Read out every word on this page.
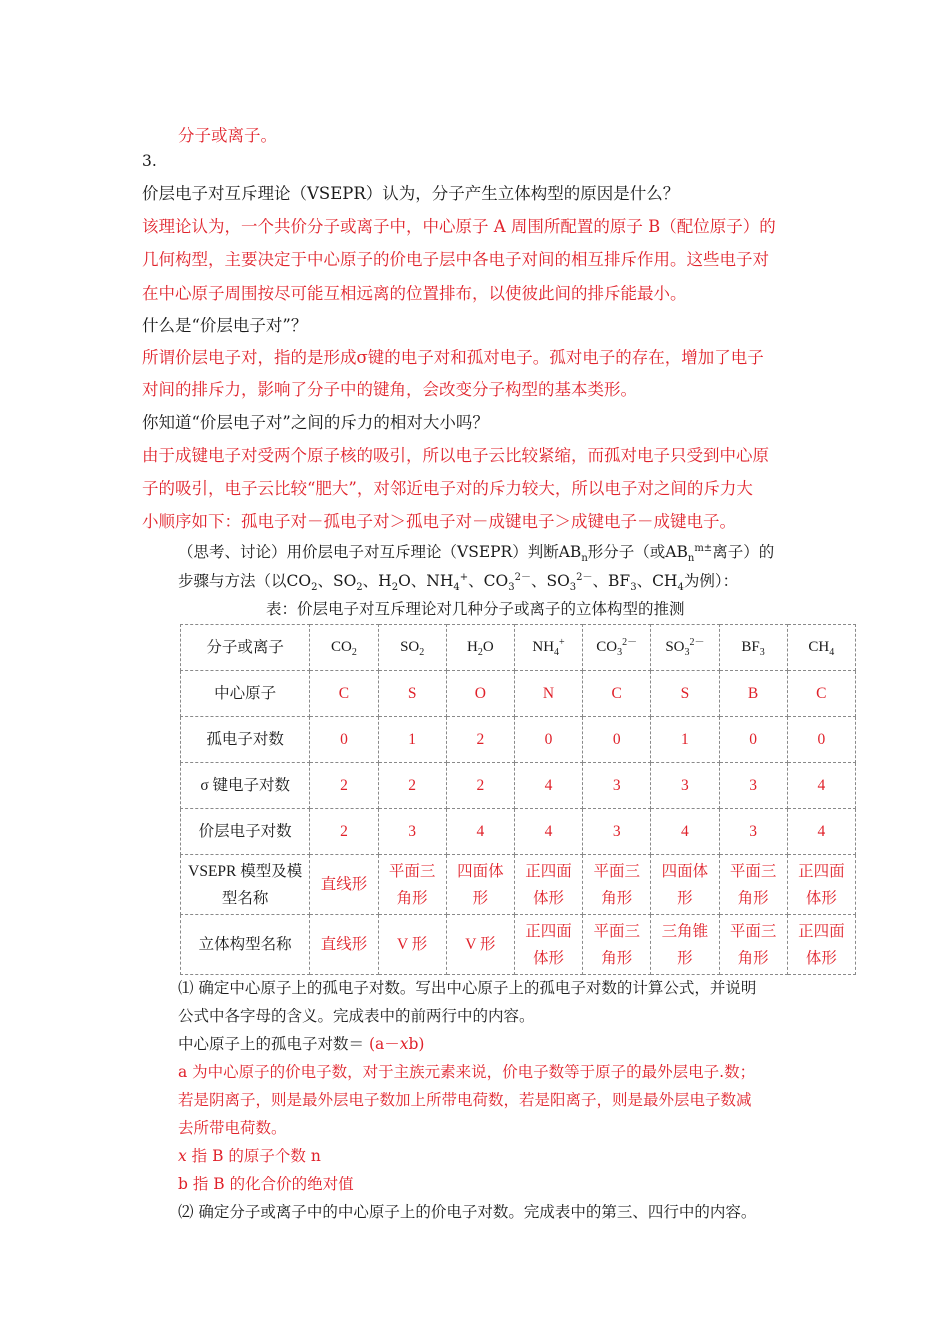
分子或离子。
3.
价层电子对互斥理论（VSEPR）认为，分子产生立体构型的原因是什么？
该理论认为，一个共价分子或离子中，中心原子 A 周围所配置的原子 B（配位原子）的
几何构型，主要决定于中心原子的价电子层中各电子对间的相互排斥作用。这些电子对
在中心原子周围按尽可能互相远离的位置排布，以使彼此间的排斥能最小。
什么是“价层电子对”？
所谓价层电子对，指的是形成σ键的电子对和孤对电子。孤对电子的存在，增加了电子
对间的排斥力，影响了分子中的键角，会改变分子构型的基本类形。
你知道“价层电子对”之间的斥力的相对大小吗？
由于成键电子对受两个原子核的吸引，所以电子云比较紧缩，而孤对电子只受到中心原
子的吸引，电子云比较“肥大”，对邻近电子对的斥力较大，所以电子对之间的斥力大
小顺序如下：孤电子对－孤电子对＞孤电子对－成键电子＞成键电子－成键电子。
（思考、讨论）用价层电子对互斥理论（VSEPR）判断$AB_n$形分子（或$AB_n^{m\pm}$离子）的
步骤与方法（以$CO_2$、$SO_2$、$H_2O$、$NH_4^+$、$CO_3^{2-}$、$SO_3^{2-}$、$BF_3$、$CH_4$为例）：
表：价层电子对互斥理论对几种分子或离子的立体构型的推测
分子或离子	$CO_2$	$SO_2$	$H_2O$	$NH_4^+$	$CO_3^{2-}$	$SO_3^{2-}$	$BF_3$	$CH_4$
中心原子	C	S	O	N	C	S	B	C
孤电子对数	0	1	2	0	0	1	0	0
σ 键电子对数	2	2	2	4	3	3	3	4
价层电子对数	2	3	4	4	3	4	3	4
VSEPR 模型及模型名称	直线形	平面三角形	四面体形	正四面体形	平面三角形	四面体形	平面三角形	正四面体形
立体构型名称	直线形	V 形	V 形	正四面体形	平面三角形	三角锥形	平面三角形	正四面体形
⑴ 确定中心原子上的孤电子对数。写出中心原子上的孤电子对数的计算公式，并说明
公式中各字母的含义。完成表中的前两行中的内容。
中心原子上的孤电子对数＝ (a－xb)
a 为中心原子的价电子数，对于主族元素来说，价电子数等于原子的最外层电子.数；
若是阴离子，则是最外层电子数加上所带电荷数，若是阳离子，则是最外层电子数减
去所带电荷数。
x 指 B 的原子个数 n
b 指 B 的化合价的绝对值
⑵ 确定分子或离子中的中心原子上的价电子对数。完成表中的第三、四行中的内容。
